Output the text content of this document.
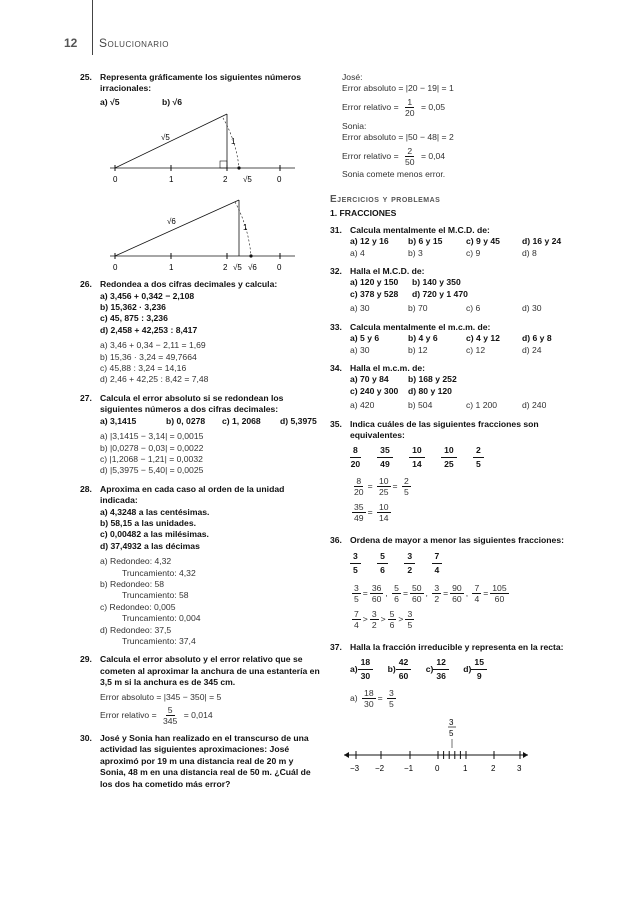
12 Solucionario

25. Representa gráficamente los siguientes números irracionales:

a) √5	b) √6
√5	1
0	1	2 √5	0
√6
1
0	1	2 √5 √6	0

26. Redondea a dos cifras decimales y calcula:

a) 3,456 + 0,342 − 2,108
b) 15,362 · 3,236
c) 45, 875 : 3,236
d) 2,458 + 42,253 : 8,417
a) 3,46 + 0,34 − 2,11 = 1,69
b) 15,36 · 3,24 = 49,7664
c) 45,88 : 3,24 = 14,16
d) 2,46 + 42,25 : 8,42 = 7,48

27. Calcula el error absoluto si se redondean los siguientes números a dos cifras decimales:

a) 3,1415	b) 0, 0278	c) 1, 2068	d) 5,3975
a) |3,1415 − 3,14| = 0,0015
b) |0,0278 − 0,03| = 0,0022
c) |1,2068 − 1,21| = 0,0032
d) |5,3975 − 5,40| = 0,0025

28. Aproxima en cada caso al orden de la unidad indicada:

a) 4,3248 a las centésimas.
b) 58,15 a las unidades.
c) 0,00482 a las milésimas.
d) 37,4932 a las décimas
a) Redondeo: 4,32
Truncamiento: 4,32
b) Redondeo: 58
Truncamiento: 58
c) Redondeo: 0,005
Truncamiento: 0,004
d) Redondeo: 37,5
Truncamiento: 37,4

29. Calcula el error absoluto y el error relativo que se cometen al aproximar la anchura de una estantería en 3,5 m si la anchura es de 345 cm.

Error absoluto = |345 − 350| = 5
Error relativo = $\frac{5}{345} = 0,014$

30. José y Sonia han realizado en el transcurso de una actividad las siguientes aproximaciones: José aproximó por 19 m una distancia real de 20 m y Sonia, 48 m en una distancia real de 50 m. ¿Cuál de los dos ha cometido más error?

José:
Error absoluto = |20 − 19| = 1
Error relativo = $\frac{1}{20} = 0,05$
Sonia:
Error absoluto = |50 − 48| = 2
Error relativo = $\frac{2}{50} = 0,04$
Sonia comete menos error.
Ejercicios y problemas
1. FRACCIONES

31. Calcula mentalmente el M.C.D. de:

a) 12 y 16	b) 6 y 15	c) 9 y 45	d) 16 y 24
a) 4	b) 3	c) 9	d) 8

32. Halla el M.C.D. de:

a) 120 y 150	b) 140 y 350
c) 378 y 528	d) 720 y 1 470
a) 30	b) 70	c) 6	d) 30

33. Calcula mentalmente el m.c.m. de:

a) 5 y 6	b) 4 y 6	c) 4 y 12	d) 6 y 8
a) 30	b) 12	c) 12	d) 24

34. Halla el m.c.m. de:

a) 70 y 84	b) 168 y 252
c) 240 y 300	d) 80 y 120
a) 420	b) 504	c) 1 200	d) 240

35. Indica cuáles de las siguientes fracciones son equivalentes:

$\frac{8}{20}$
$\frac{35}{49}$
$\frac{10}{14}$
$\frac{10}{25}$
$\frac{2}{5}$
$\frac{8}{20} = \frac{10}{25} = \frac{2}{5}$
$\frac{35}{49} = \frac{10}{14}$

36. Ordena de mayor a menor las siguientes fracciones:

$\frac{3}{5}$
$\frac{5}{6}$
$\frac{3}{2}$
$\frac{7}{4}$
$\frac{3}{5} = \frac{36}{60}$ , $\frac{5}{6} = \frac{50}{60}$ , $\frac{3}{2} = \frac{90}{60}$ , $\frac{7}{4} = \frac{105}{60}$
$\frac{7}{4} > \frac{3}{2} > \frac{5}{6} > \frac{3}{5}$

37. Halla la fracción irreducible y representa en la recta:

$a) \frac{18}{30} b) \frac{42}{60} c) \frac{12}{36} d) \frac{15}{9}$
$a) \frac{18}{30} = \frac{3}{5}$
3
5
−3 −2 −1	0	1	2	3
